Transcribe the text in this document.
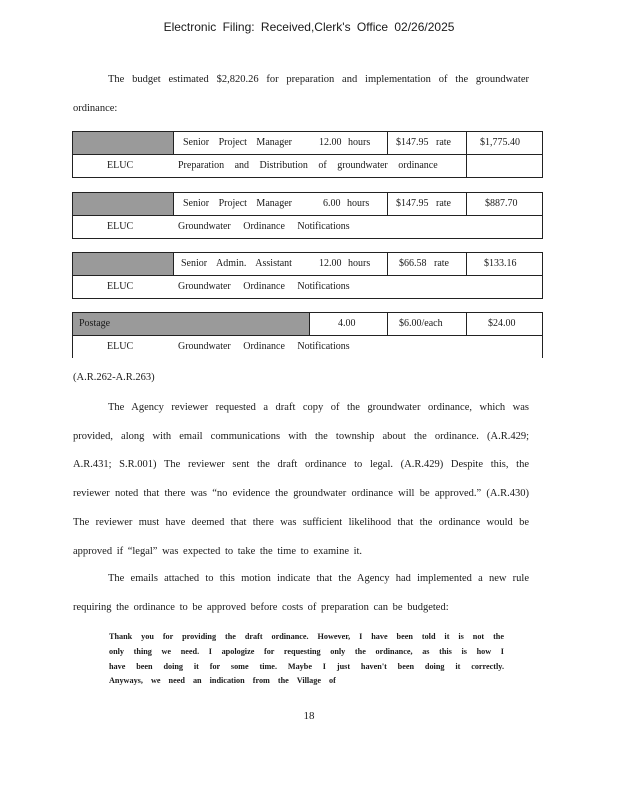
Electronic Filing: Received,Clerk's Office 02/26/2025
The budget estimated $2,820.26 for preparation and implementation of the groundwater ordinance:
Senior Project Manager	12.00 hours	$147.95 rate	$1,775.40
ELUC	Preparation and Distribution of groundwater ordinance
Senior Project Manager	6.00 hours	$147.95 rate	$887.70
ELUC	Groundwater Ordinance Notifications
Senior Admin. Assistant	12.00 hours	$66.58 rate	$133.16
ELUC	Groundwater Ordinance Notifications
Postage	4.00	$6.00/each	$24.00
ELUC	Groundwater Ordinance Notifications
(A.R.262-A.R.263)
The Agency reviewer requested a draft copy of the groundwater ordinance, which was provided, along with email communications with the township about the ordinance. (A.R.429; A.R.431; S.R.001) The reviewer sent the draft ordinance to legal. (A.R.429) Despite this, the reviewer noted that there was “no evidence the groundwater ordinance will be approved.” (A.R.430) The reviewer must have deemed that there was sufficient likelihood that the ordinance would be approved if “legal” was expected to take the time to examine it.
The emails attached to this motion indicate that the Agency had implemented a new rule requiring the ordinance to be approved before costs of preparation can be budgeted:
Thank you for providing the draft ordinance. However, I have been told it is not the only thing we need. I apologize for requesting only the ordinance, as this is how I have been doing it for some time. Maybe I just haven't been doing it correctly. Anyways, we need an indication from the Village of
18
